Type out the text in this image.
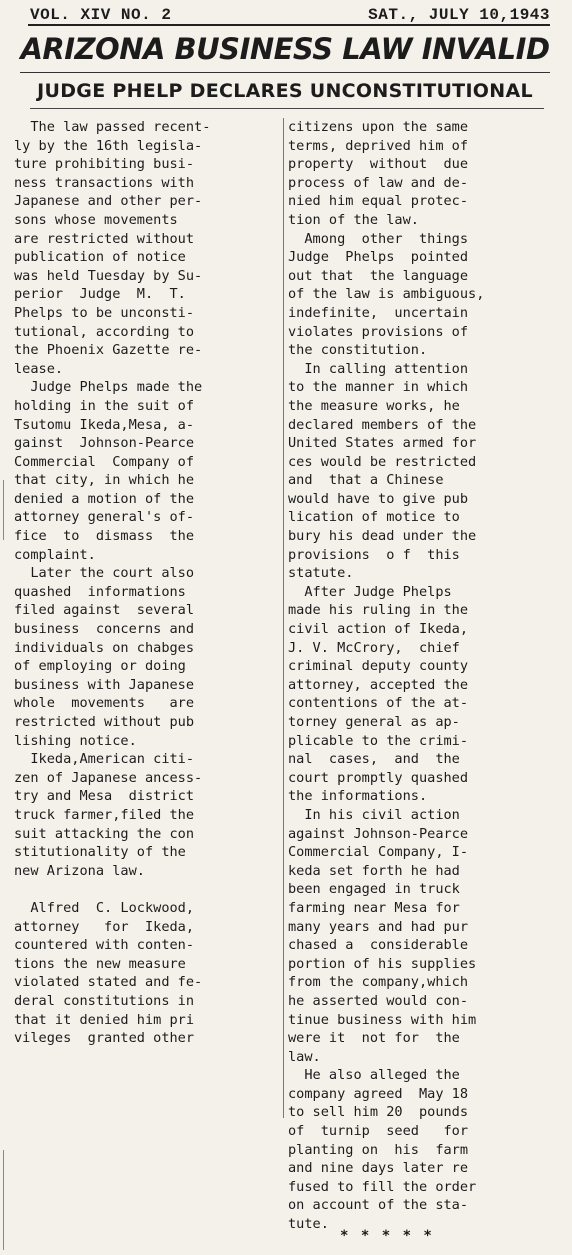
VOL. XIV NO. 2	SAT., JULY 10,1943
ARIZONA BUSINESS LAW INVALID
JUDGE PHELP DECLARES UNCONSTITUTIONAL
The law passed recent-
ly by the 16th legisla-
ture prohibiting busi-
ness transactions with
Japanese and other per-
sons whose movements
are restricted without
publication of notice
was held Tuesday by Su-
perior  Judge  M.  T.
Phelps to be unconsti-
tutional, according to
the Phoenix Gazette re-
lease.
Judge Phelps made the
holding in the suit of
Tsutomu Ikeda,Mesa, a-
gainst  Johnson-Pearce
Commercial  Company of
that city, in which he
denied a motion of the
attorney general's of-
fice  to  dismass  the
complaint.
Later the court also
quashed  informations
filed against  several
business  concerns and
individuals on chabges
of employing or doing
business with Japanese
whole  movements   are
restricted without pub
lishing notice.
Ikeda,American citi-
zen of Japanese ancess-
try and Mesa  district
truck farmer,filed the
suit attacking the con
stitutionality of the
new Arizona law.

Alfred  C. Lockwood,
attorney   for  Ikeda,
countered with conten-
tions the new measure
violated stated and fe-
deral constitutions in
that it denied him pri
vileges  granted other
citizens upon the same
terms, deprived him of
property  without  due
process of law and de-
nied him equal protec-
tion of the law.
Among  other  things
Judge  Phelps  pointed
out that  the language
of the law is ambiguous,
indefinite,  uncertain
violates provisions of
the constitution.
In calling attention
to the manner in which
the measure works, he
declared members of the
United States armed for
ces would be restricted
and  that a Chinese
would have to give pub
lication of motice to
bury his dead under the
provisions  o f  this
statute.
After Judge Phelps
made his ruling in the
civil action of Ikeda,
J. V. McCrory,  chief
criminal deputy county
attorney, accepted the
contentions of the at-
torney general as ap-
plicable to the crimi-
nal  cases,  and  the
court promptly quashed
the informations.
In his civil action
against Johnson-Pearce
Commercial Company, I-
keda set forth he had
been engaged in truck
farming near Mesa for
many years and had pur
chased a  considerable
portion of his supplies
from the company,which
he asserted would con-
tinue business with him
were it  not for  the
law.
He also alleged the
company agreed  May 18
to sell him 20  pounds
of  turnip  seed   for
planting on  his  farm
and nine days later re
fused to fill the order
on account of the sta-
tute.
* * * * *
